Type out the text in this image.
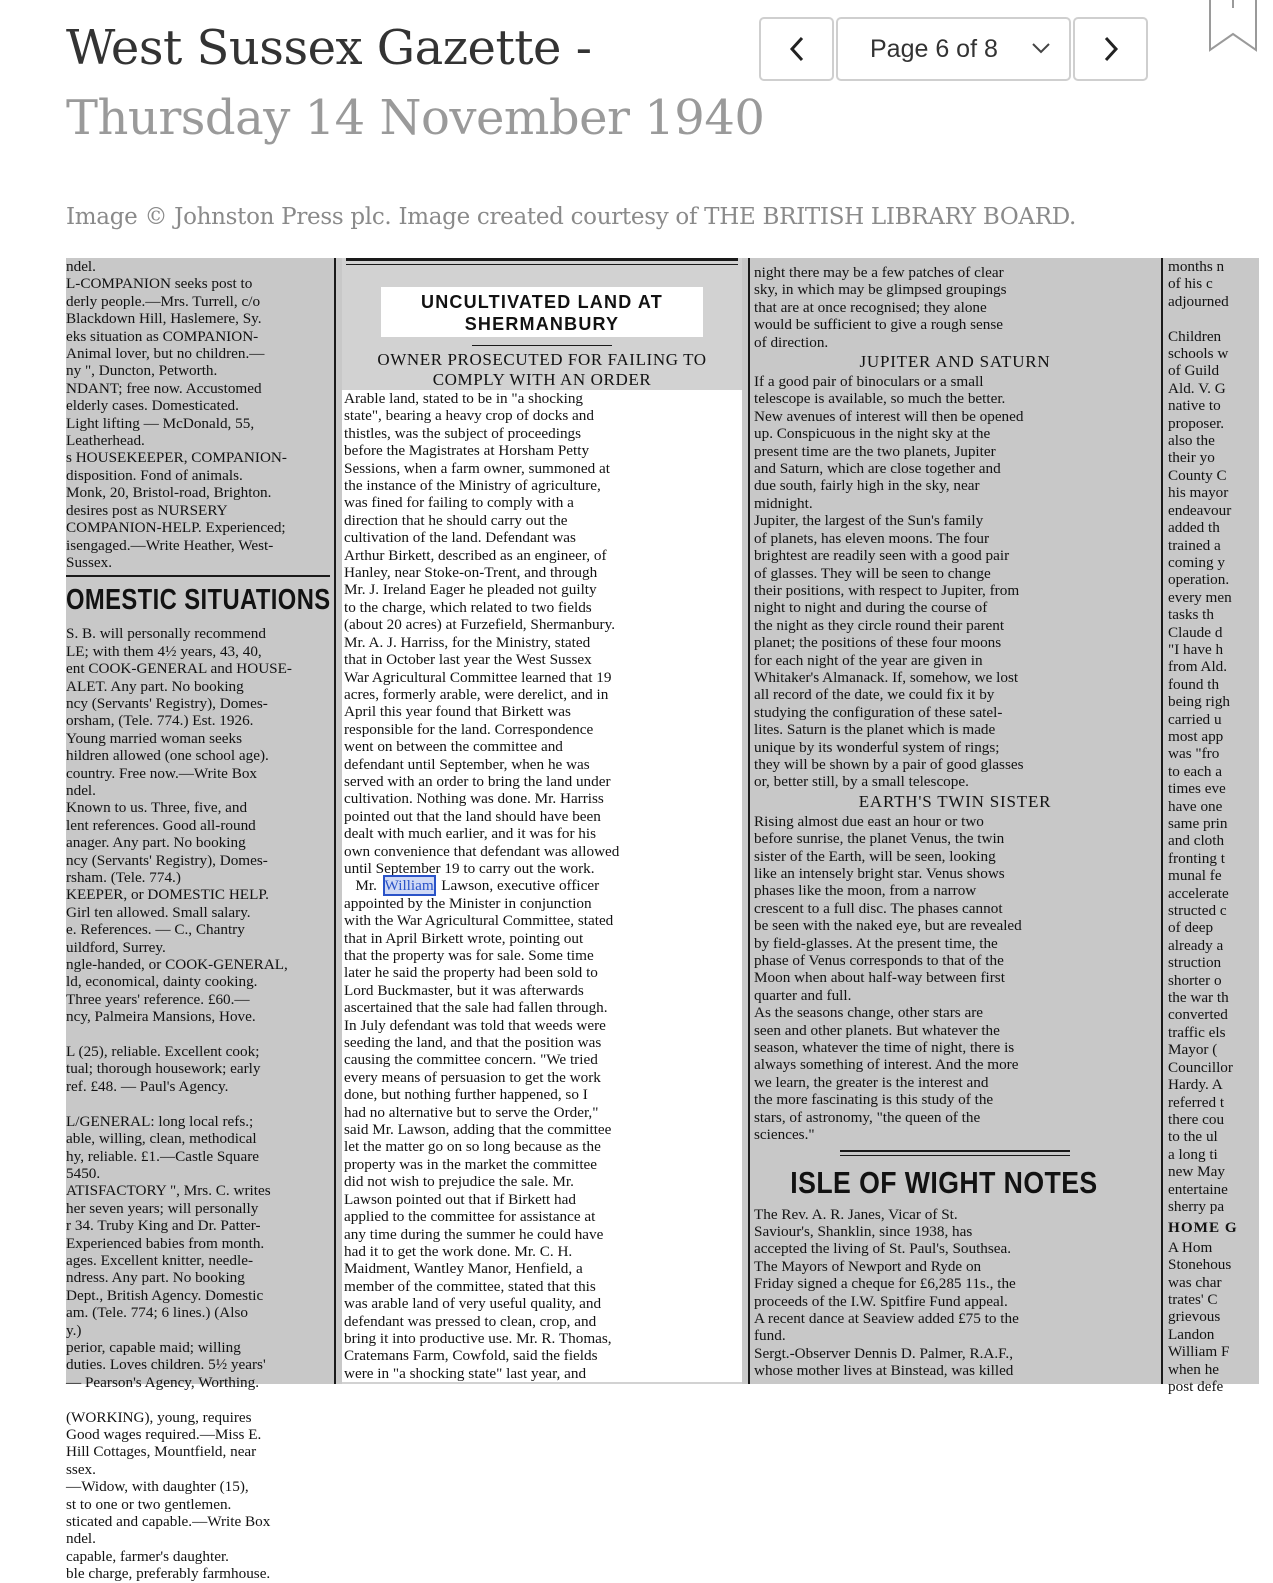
West Sussex Gazette -
Thursday 14 November 1940
Image © Johnston Press plc. Image created courtesy of THE BRITISH LIBRARY BOARD.
Page 6 of 8
ndel.
L-COMPANION seeks post to
derly people.—Mrs. Turrell, c/o
Blackdown Hill, Haslemere, Sy.
eks situation as COMPANION-
Animal lover, but no children.—
ny ", Duncton, Petworth.
NDANT; free now. Accustomed
elderly cases. Domesticated.
Light lifting — McDonald, 55,
Leatherhead.
s HOUSEKEEPER, COMPANION-
disposition. Fond of animals.
Monk, 20, Bristol-road, Brighton.
desires post as NURSERY
COMPANION-HELP. Experienced;
isengaged.—Write Heather, West-
Sussex.
OMESTIC SITUATIONS
S. B. will personally recommend
LE; with them 4½ years, 43, 40,
ent COOK-GENERAL and HOUSE-
ALET. Any part. No booking
ncy (Servants' Registry), Domes-
orsham, (Tele. 774.) Est. 1926.
Young married woman seeks
hildren allowed (one school age).
country. Free now.—Write Box
ndel.
Known to us. Three, five, and
lent references. Good all-round
anager. Any part. No booking
ncy (Servants' Registry), Domes-
rsham. (Tele. 774.)
KEEPER, or DOMESTIC HELP.
Girl ten allowed. Small salary.
e. References. — C., Chantry
uildford, Surrey.
ngle-handed, or COOK-GENERAL,
ld, economical, dainty cooking.
Three years' reference. £60.—
ncy, Palmeira Mansions, Hove.

L (25), reliable. Excellent cook;
tual; thorough housework; early
ref. £48. — Paul's Agency.

L/GENERAL: long local refs.;
able, willing, clean, methodical
hy, reliable. £1.—Castle Square
5450.
ATISFACTORY ", Mrs. C. writes
her seven years; will personally
r 34. Truby King and Dr. Patter-
Experienced babies from month.
ages. Excellent knitter, needle-
ndress. Any part. No booking
Dept., British Agency. Domestic
am. (Tele. 774; 6 lines.) (Also
y.)
perior, capable maid; willing
duties. Loves children. 5½ years'
— Pearson's Agency, Worthing.

(WORKING), young, requires
Good wages required.—Miss E.
Hill Cottages, Mountfield, near
ssex.
—Widow, with daughter (15),
st to one or two gentlemen.
sticated and capable.—Write Box
ndel.
capable, farmer's daughter.
ble charge, preferably farmhouse.
UNCULTIVATED LAND AT
SHERMANBURY
OWNER PROSECUTED FOR FAILING TO
COMPLY WITH AN ORDER
Arable land, stated to be in "a shocking
state", bearing a heavy crop of docks and
thistles, was the subject of proceedings
before the Magistrates at Horsham Petty
Sessions, when a farm owner, summoned at
the instance of the Ministry of agriculture,
was fined for failing to comply with a
direction that he should carry out the
cultivation of the land. Defendant was
Arthur Birkett, described as an engineer, of
Hanley, near Stoke-on-Trent, and through
Mr. J. Ireland Eager he pleaded not guilty
to the charge, which related to two fields
(about 20 acres) at Furzefield, Shermanbury.
Mr. A. J. Harriss, for the Ministry, stated
that in October last year the West Sussex
War Agricultural Committee learned that 19
acres, formerly arable, were derelict, and in
April this year found that Birkett was
responsible for the land. Correspondence
went on between the committee and
defendant until September, when he was
served with an order to bring the land under
cultivation. Nothing was done. Mr. Harriss
pointed out that the land should have been
dealt with much earlier, and it was for his
own convenience that defendant was allowed
until September 19 to carry out the work.
Mr. William Lawson, executive officer
appointed by the Minister in conjunction
with the War Agricultural Committee, stated
that in April Birkett wrote, pointing out
that the property was for sale. Some time
later he said the property had been sold to
Lord Buckmaster, but it was afterwards
ascertained that the sale had fallen through.
In July defendant was told that weeds were
seeding the land, and that the position was
causing the committee concern. "We tried
every means of persuasion to get the work
done, but nothing further happened, so I
had no alternative but to serve the Order,"
said Mr. Lawson, adding that the committee
let the matter go on so long because as the
property was in the market the committee
did not wish to prejudice the sale. Mr.
Lawson pointed out that if Birkett had
applied to the committee for assistance at
any time during the summer he could have
had it to get the work done. Mr. C. H.
Maidment, Wantley Manor, Henfield, a
member of the committee, stated that this
was arable land of very useful quality, and
defendant was pressed to clean, crop, and
bring it into productive use. Mr. R. Thomas,
Cratemans Farm, Cowfold, said the fields
were in "a shocking state" last year, and
night there may be a few patches of clear
sky, in which may be glimpsed groupings
that are at once recognised; they alone
would be sufficient to give a rough sense
of direction.
JUPITER AND SATURN
If a good pair of binoculars or a small
telescope is available, so much the better.
New avenues of interest will then be opened
up. Conspicuous in the night sky at the
present time are the two planets, Jupiter
and Saturn, which are close together and
due south, fairly high in the sky, near
midnight.
Jupiter, the largest of the Sun's family
of planets, has eleven moons. The four
brightest are readily seen with a good pair
of glasses. They will be seen to change
their positions, with respect to Jupiter, from
night to night and during the course of
the night as they circle round their parent
planet; the positions of these four moons
for each night of the year are given in
Whitaker's Almanack. If, somehow, we lost
all record of the date, we could fix it by
studying the configuration of these satel-
lites. Saturn is the planet which is made
unique by its wonderful system of rings;
they will be shown by a pair of good glasses
or, better still, by a small telescope.
EARTH'S TWIN SISTER
Rising almost due east an hour or two
before sunrise, the planet Venus, the twin
sister of the Earth, will be seen, looking
like an intensely bright star. Venus shows
phases like the moon, from a narrow
crescent to a full disc. The phases cannot
be seen with the naked eye, but are revealed
by field-glasses. At the present time, the
phase of Venus corresponds to that of the
Moon when about half-way between first
quarter and full.
As the seasons change, other stars are
seen and other planets. But whatever the
season, whatever the time of night, there is
always something of interest. And the more
we learn, the greater is the interest and
the more fascinating is this study of the
stars, of astronomy, "the queen of the
sciences."
ISLE OF WIGHT NOTES
The Rev. A. R. Janes, Vicar of St.
Saviour's, Shanklin, since 1938, has
accepted the living of St. Paul's, Southsea.
The Mayors of Newport and Ryde on
Friday signed a cheque for £6,285 11s., the
proceeds of the I.W. Spitfire Fund appeal.
A recent dance at Seaview added £75 to the
fund.
Sergt.-Observer Dennis D. Palmer, R.A.F.,
whose mother lives at Binstead, was killed
months n
of his c
adjourned

Children
schools w
of Guild
Ald. V. G
native to
proposer.
also the
their yo
County C
his mayor
endeavour
added th
trained a
coming y
operation.
every men
tasks th
Claude d
"I have h
from Ald.
found th
being righ
carried u
most app
was "fro
to each a
times eve
have one
same prin
and cloth
fronting t
munal fe
accelerate
structed c
of deep
already a
struction
shorter o
the war th
converted
traffic els
Mayor (
Councillor
Hardy. A
referred t
there cou
to the ul
a long ti
new May
entertaine
sherry pa
HOME G
A Hom
Stonehous
was char
trates' C
grievous
Landon
William F
when he
post defe
